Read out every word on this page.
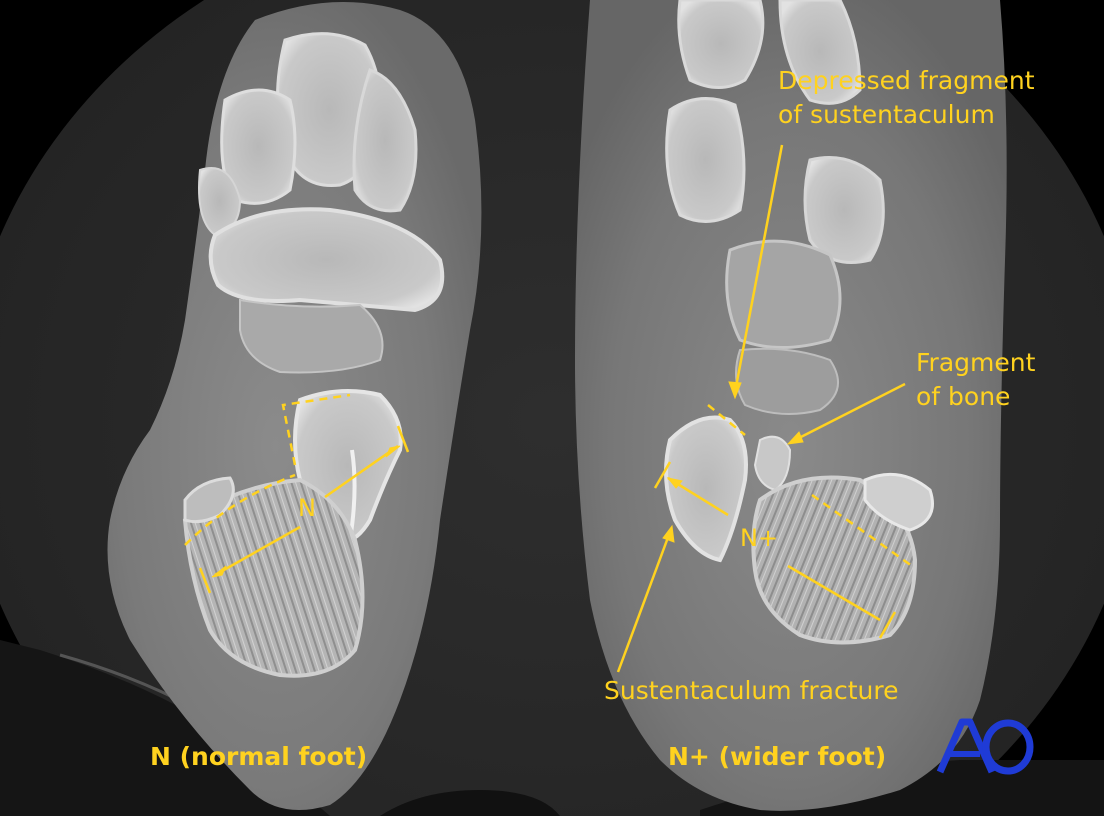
N
N+
Depressed fragment
of sustentaculum
Fragment
of bone
Sustentaculum fracture
N (normal foot)	N+ (wider foot)
